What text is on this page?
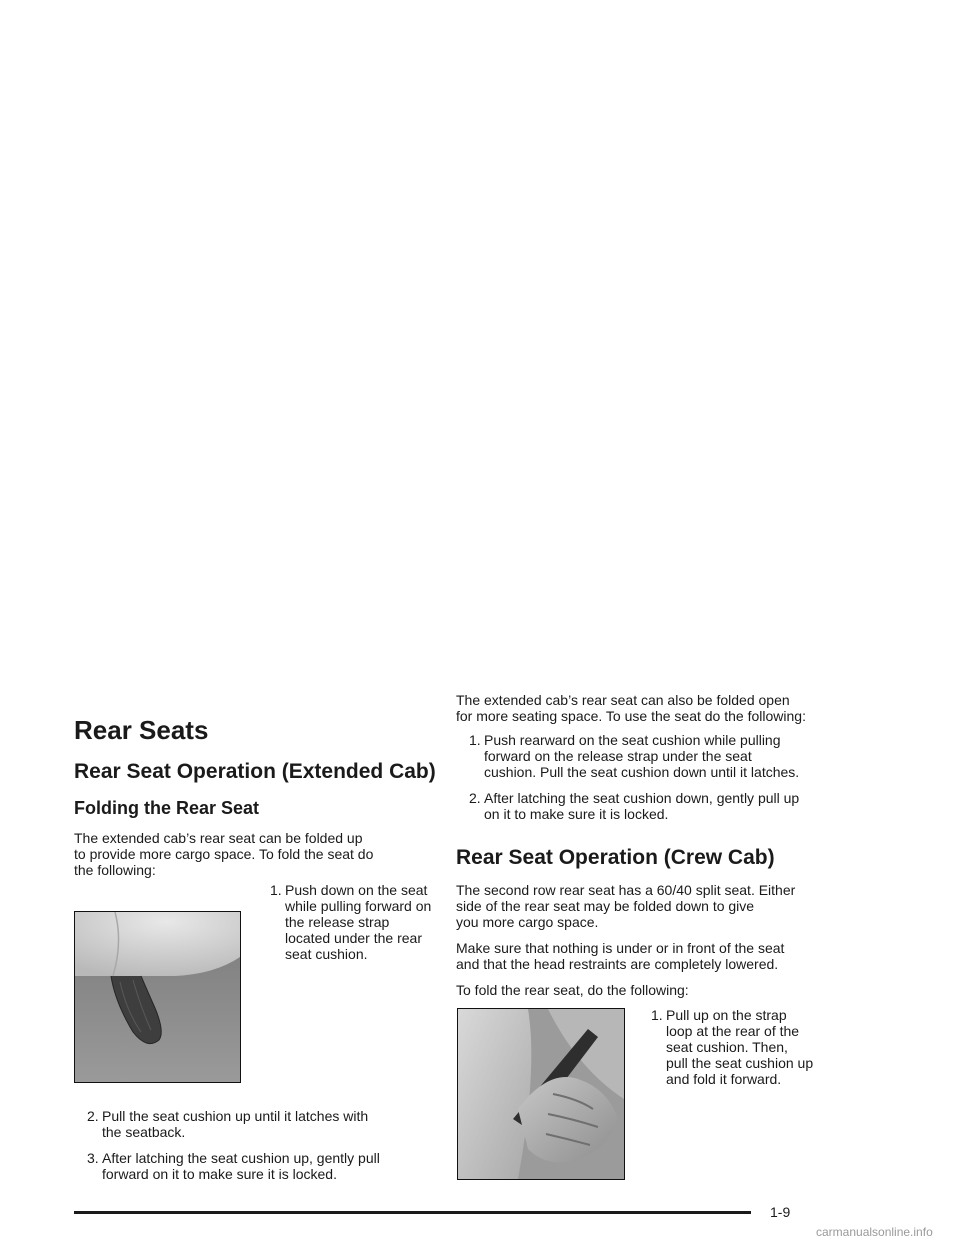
Rear Seats
Rear Seat Operation (Extended Cab)
Folding the Rear Seat

The extended cab’s rear seat can be folded up
to provide more cargo space. To fold the seat do
the following:

1. Push down on the seat
while pulling forward on
the release strap
located under the rear
seat cushion.
2. Pull the seat cushion up until it latches with
the seatback.
3. After latching the seat cushion up, gently pull
forward on it to make sure it is locked.

The extended cab’s rear seat can also be folded open
for more seating space. To use the seat do the following:

1. Push rearward on the seat cushion while pulling
forward on the release strap under the seat
cushion. Pull the seat cushion down until it latches.
2. After latching the seat cushion down, gently pull up
on it to make sure it is locked.
Rear Seat Operation (Crew Cab)

The second row rear seat has a 60/40 split seat. Either
side of the rear seat may be folded down to give
you more cargo space.

Make sure that nothing is under or in front of the seat
and that the head restraints are completely lowered.

To fold the rear seat, do the following:

1. Pull up on the strap
loop at the rear of the
seat cushion. Then,
pull the seat cushion up
and fold it forward.
1-9
carmanualsonline.info
